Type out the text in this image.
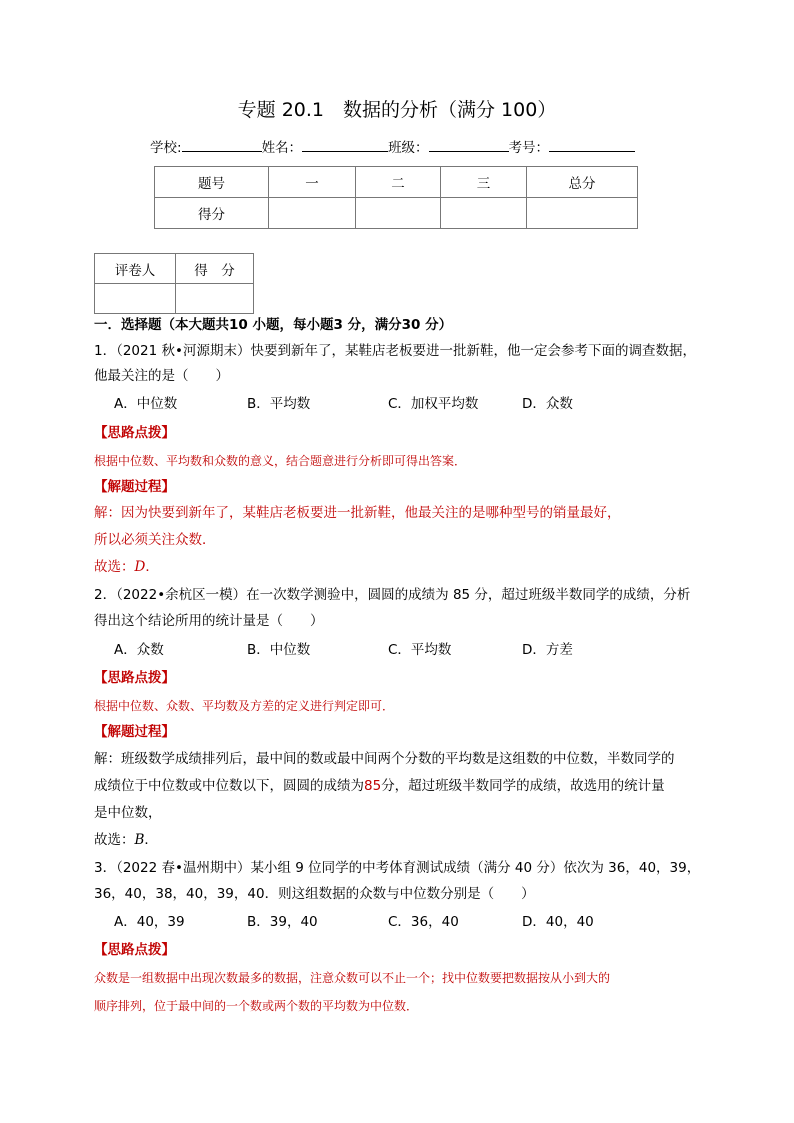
专题 20.1　数据的分析（满分 100）
学校:	姓名：	班级：	考号：
题号	一	二	三	总分
得分				
评卷人	得　分

一．选择题（本大题共10 小题，每小题3 分，满分30 分）
1．（2021 秋•河源期末）快要到新年了，某鞋店老板要进一批新鞋，他一定会参考下面的调查数据，
他最关注的是（　　）
A．中位数	B．平均数	C．加权平均数	D．众数
【思路点拨】
根据中位数、平均数和众数的意义，结合题意进行分析即可得出答案．
【解题过程】
解：因为快要到新年了，某鞋店老板要进一批新鞋，他最关注的是哪种型号的销量最好，
所以必须关注众数．
故选：D．
2．（2022•余杭区一模）在一次数学测验中，圆圆的成绩为 85 分，超过班级半数同学的成绩，分析
得出这个结论所用的统计量是（　　）
A．众数	B．中位数	C．平均数	D．方差
【思路点拨】
根据中位数、众数、平均数及方差的定义进行判定即可．
【解题过程】
解：班级数学成绩排列后，最中间的数或最中间两个分数的平均数是这组数的中位数，半数同学的
成绩位于中位数或中位数以下，圆圆的成绩为85分，超过班级半数同学的成绩，故选用的统计量
是中位数，
故选：B．
3．（2022 春•温州期中）某小组 9 位同学的中考体育测试成绩（满分 40 分）依次为 36，40，39，
36，40，38，40，39，40．则这组数据的众数与中位数分别是（　　）
A．40，39	B．39，40	C．36，40	D．40，40
【思路点拨】
众数是一组数据中出现次数最多的数据，注意众数可以不止一个；找中位数要把数据按从小到大的
顺序排列，位于最中间的一个数或两个数的平均数为中位数．
